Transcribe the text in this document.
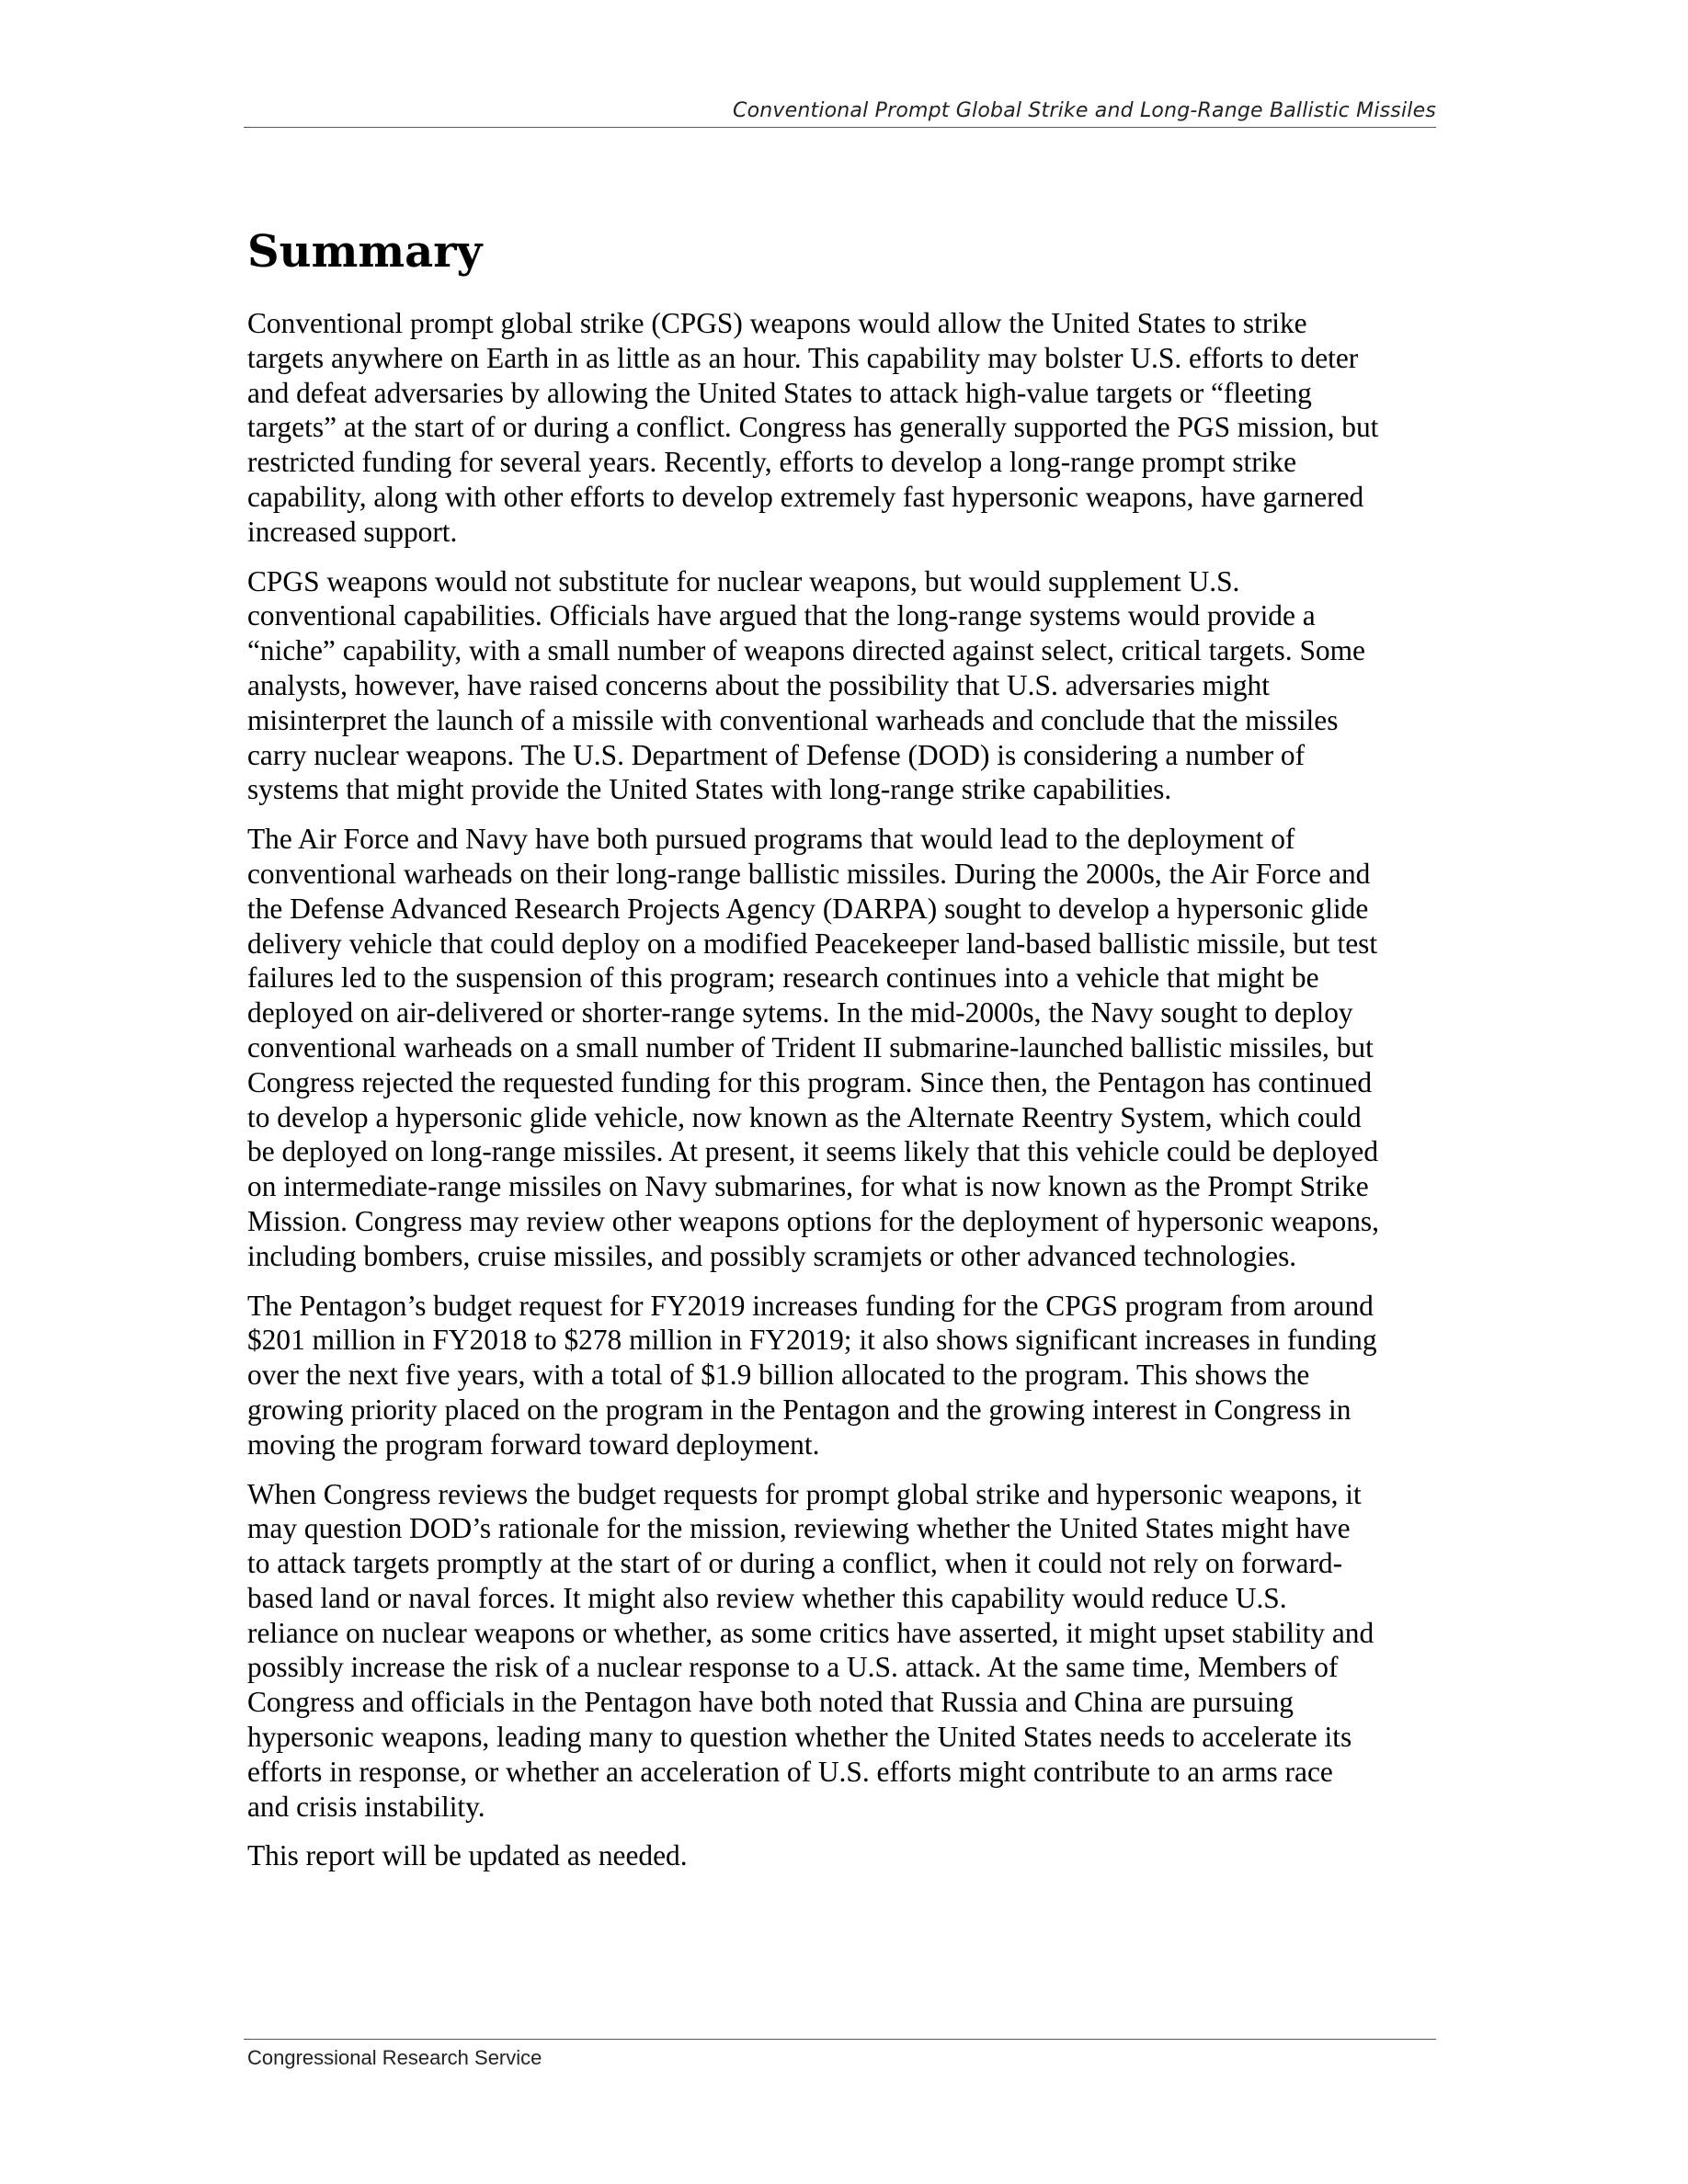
Conventional Prompt Global Strike and Long-Range Ballistic Missiles
Summary

Conventional prompt global strike (CPGS) weapons would allow the United States to strike
targets anywhere on Earth in as little as an hour. This capability may bolster U.S. efforts to deter
and defeat adversaries by allowing the United States to attack high-value targets or “fleeting
targets” at the start of or during a conflict. Congress has generally supported the PGS mission, but
restricted funding for several years. Recently, efforts to develop a long-range prompt strike
capability, along with other efforts to develop extremely fast hypersonic weapons, have garnered
increased support.

CPGS weapons would not substitute for nuclear weapons, but would supplement U.S.
conventional capabilities. Officials have argued that the long-range systems would provide a
“niche” capability, with a small number of weapons directed against select, critical targets. Some
analysts, however, have raised concerns about the possibility that U.S. adversaries might
misinterpret the launch of a missile with conventional warheads and conclude that the missiles
carry nuclear weapons. The U.S. Department of Defense (DOD) is considering a number of
systems that might provide the United States with long-range strike capabilities.

The Air Force and Navy have both pursued programs that would lead to the deployment of
conventional warheads on their long-range ballistic missiles. During the 2000s, the Air Force and
the Defense Advanced Research Projects Agency (DARPA) sought to develop a hypersonic glide
delivery vehicle that could deploy on a modified Peacekeeper land-based ballistic missile, but test
failures led to the suspension of this program; research continues into a vehicle that might be
deployed on air-delivered or shorter-range sytems. In the mid-2000s, the Navy sought to deploy
conventional warheads on a small number of Trident II submarine-launched ballistic missiles, but
Congress rejected the requested funding for this program. Since then, the Pentagon has continued
to develop a hypersonic glide vehicle, now known as the Alternate Reentry System, which could
be deployed on long-range missiles. At present, it seems likely that this vehicle could be deployed
on intermediate-range missiles on Navy submarines, for what is now known as the Prompt Strike
Mission. Congress may review other weapons options for the deployment of hypersonic weapons,
including bombers, cruise missiles, and possibly scramjets or other advanced technologies.

The Pentagon’s budget request for FY2019 increases funding for the CPGS program from around
$201 million in FY2018 to $278 million in FY2019; it also shows significant increases in funding
over the next five years, with a total of $1.9 billion allocated to the program. This shows the
growing priority placed on the program in the Pentagon and the growing interest in Congress in
moving the program forward toward deployment.

When Congress reviews the budget requests for prompt global strike and hypersonic weapons, it
may question DOD’s rationale for the mission, reviewing whether the United States might have
to attack targets promptly at the start of or during a conflict, when it could not rely on forward-
based land or naval forces. It might also review whether this capability would reduce U.S.
reliance on nuclear weapons or whether, as some critics have asserted, it might upset stability and
possibly increase the risk of a nuclear response to a U.S. attack. At the same time, Members of
Congress and officials in the Pentagon have both noted that Russia and China are pursuing
hypersonic weapons, leading many to question whether the United States needs to accelerate its
efforts in response, or whether an acceleration of U.S. efforts might contribute to an arms race
and crisis instability.

This report will be updated as needed.

Congressional Research Service
